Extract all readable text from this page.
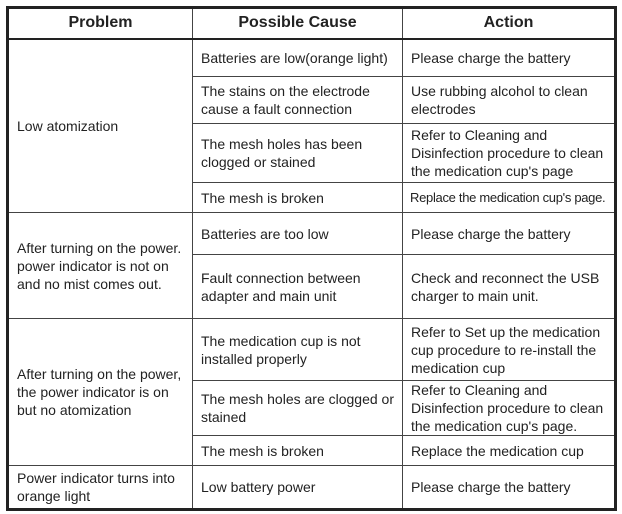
Problem	Possible Cause	Action
Low atomization	Batteries are low(orange light)	Please charge the battery
	The stains on the electrode cause a fault connection	Use rubbing alcohol to clean electrodes
	The mesh holes has been clogged or stained	Refer to Cleaning and Disinfection procedure to clean the medication cup's page
	The mesh is broken	Replace the medication cup's page.
After turning on the power. power indicator is not on and no mist comes out.	Batteries are too low	Please charge the battery
	Fault connection between adapter and main unit	Check and reconnect the USB charger to main unit.
After turning on the power, the power indicator is on but no atomization	The medication cup is not installed properly	Refer to Set up the medication cup procedure to re-install the medication cup
	The mesh holes are clogged or stained	Refer to Cleaning and Disinfection procedure to clean the medication cup's page.
	The mesh is broken	Replace the medication cup
Power indicator turns into orange light	Low battery power	Please charge the battery
